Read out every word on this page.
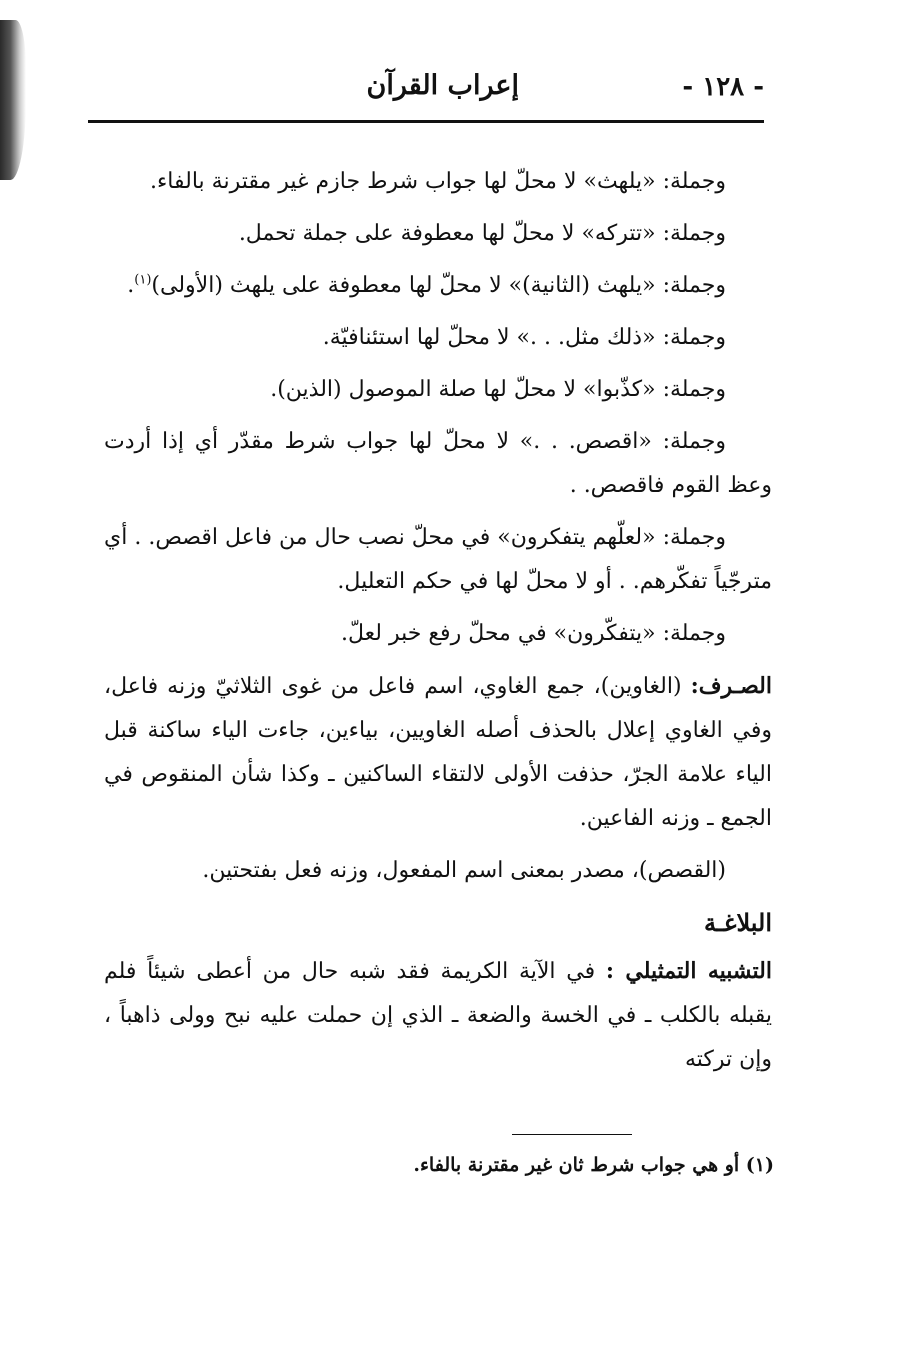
- ١٢٨ -
إعراب القرآن

وجملة: «يلهث» لا محلّ لها جواب شرط جازم غير مقترنة بالفاء.

وجملة: «تتركه» لا محلّ لها معطوفة على جملة تحمل.

وجملة: «يلهث (الثانية)» لا محلّ لها معطوفة على يلهث (الأولى)$^{(١)}$.

وجملة: «ذلك مثل. . .» لا محلّ لها استئنافيّة.

وجملة: «كذّبوا» لا محلّ لها صلة الموصول (الذين).

وجملة: «اقصص. . .» لا محلّ لها جواب شرط مقدّر أي إذا أردت وعظ القوم فاقصص. .

وجملة: «لعلّهم يتفكرون» في محلّ نصب حال من فاعل اقصص. . أي مترجّياً تفكّرهم. . أو لا محلّ لها في حكم التعليل.

وجملة: «يتفكّرون» في محلّ رفع خبر لعلّ.

الصـرف: (الغاوين)، جمع الغاوي، اسم فاعل من غوى الثلاثيّ وزنه فاعل، وفي الغاوي إعلال بالحذف أصله الغاويين، بياءين، جاءت الياء ساكنة قبل الياء علامة الجرّ، حذفت الأولى لالتقاء الساكنين ـ وكذا شأن المنقوص في الجمع ـ وزنه الفاعين.

(القصص)، مصدر بمعنى اسم المفعول، وزنه فعل بفتحتين.

البلاغـة

التشبيه التمثيلي : في الآية الكريمة فقد شبه حال من أعطى شيئاً فلم يقبله بالكلب ـ في الخسة والضعة ـ الذي إن حملت عليه نبح وولى ذاهباً ، وإن تركته

(١) أو هي جواب شرط ثان غير مقترنة بالفاء.
